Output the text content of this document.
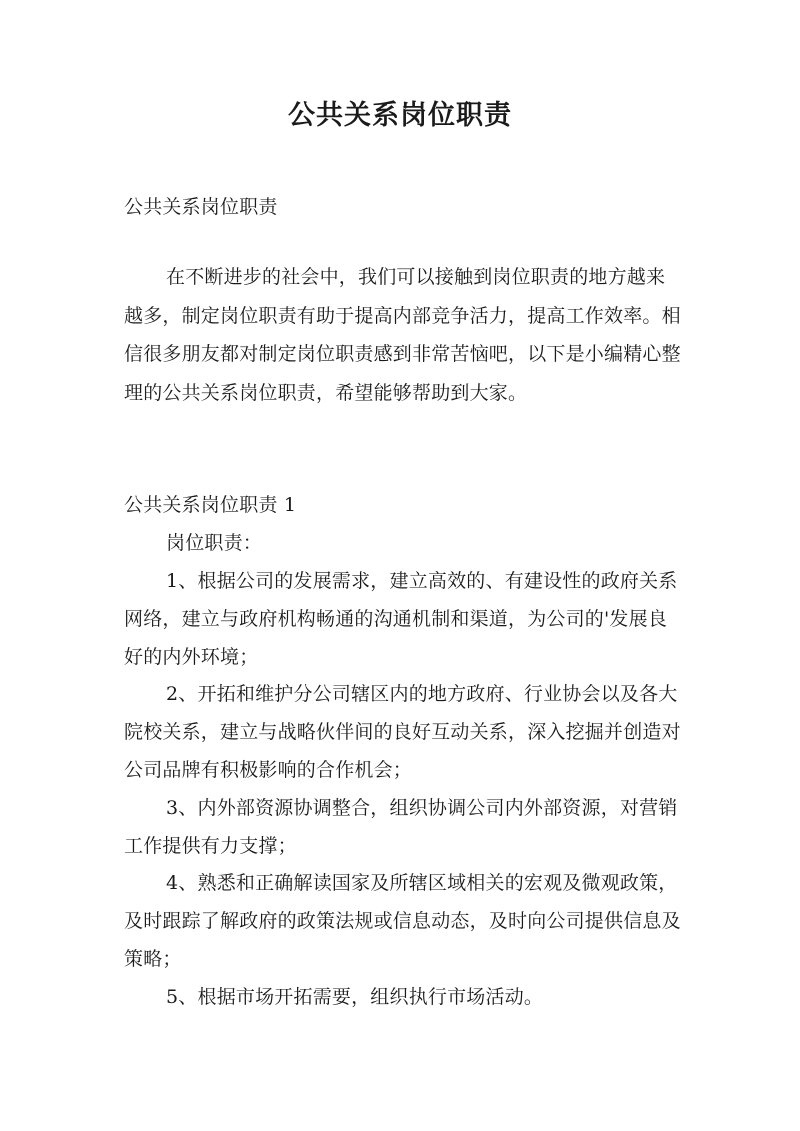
公共关系岗位职责

公共关系岗位职责

在不断进步的社会中，我们可以接触到岗位职责的地方越来越多，制定岗位职责有助于提高内部竞争活力，提高工作效率。相信很多朋友都对制定岗位职责感到非常苦恼吧，以下是小编精心整理的公共关系岗位职责，希望能够帮助到大家。

公共关系岗位职责 1

岗位职责：

1、根据公司的发展需求，建立高效的、有建设性的政府关系网络，建立与政府机构畅通的沟通机制和渠道，为公司的'发展良好的内外环境；
2、开拓和维护分公司辖区内的地方政府、行业协会以及各大院校关系，建立与战略伙伴间的良好互动关系，深入挖掘并创造对公司品牌有积极影响的合作机会；
3、内外部资源协调整合，组织协调公司内外部资源，对营销工作提供有力支撑；
4、熟悉和正确解读国家及所辖区域相关的宏观及微观政策，及时跟踪了解政府的政策法规或信息动态，及时向公司提供信息及策略；
5、根据市场开拓需要，组织执行市场活动。
